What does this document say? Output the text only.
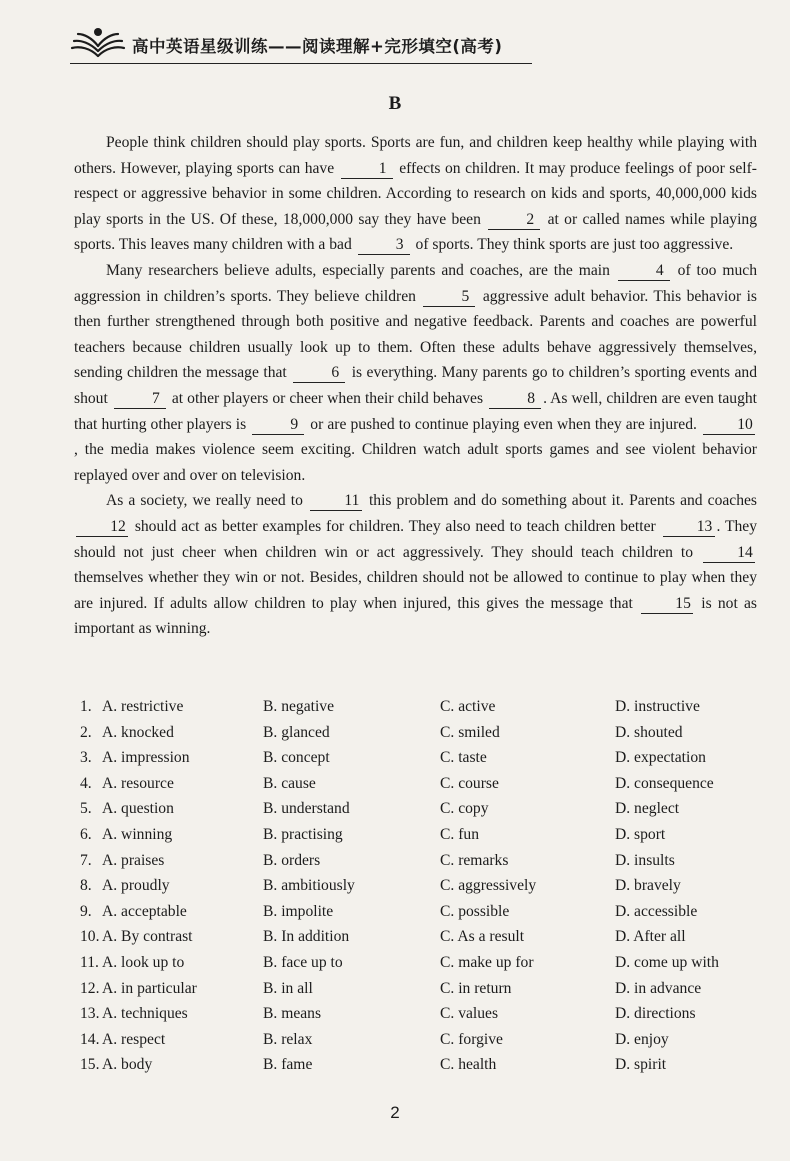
高中英语星级训练——阅读理解+完形填空(高考)
B

People think children should play sports. Sports are fun, and children keep healthy while playing with others. However, playing sports can have	1 effects on children. It may produce feelings of poor self-respect or aggressive behavior in some children. According to research on kids and sports, 40,000,000 kids play sports in the US. Of these, 18,000,000 say they have been	2 at or called names while playing sports. This leaves many children with a bad	3 of sports. They think sports are just too aggressive.

Many researchers believe adults, especially parents and coaches, are the main	4 of too much aggression in children’s sports. They believe children	5 aggressive adult behavior. This behavior is then further strengthened through both positive and negative feedback. Parents and coaches are powerful teachers because children usually look up to them. Often these adults behave aggressively themselves, sending children the message that	6 is everything. Many parents go to children’s sporting events and shout	7 at other players or cheer when their child behaves	8 . As well, children are even taught that hurting other players is	9 or are pushed to continue playing even when they are injured. 10, the media makes violence seem exciting. Children watch adult sports games and see violent behavior replayed over and over on television.

As a society, we really need to 11 this problem and do something about it. Parents and coaches 12 should act as better examples for children. They also need to teach children better 13 . They should not just cheer when children win or act aggressively. They should teach children to 14 themselves whether they win or not. Besides, children should not be allowed to continue to play when they are injured. If adults allow children to play when injured, this gives the message that 15 is not as important as winning.

1. A. restrictive	B. negative	C. active	D. instructive
2. A. knocked	B. glanced	C. smiled	D. shouted
3. A. impression	B. concept	C. taste	D. expectation
4. A. resource	B. cause	C. course	D. consequence
5. A. question	B. understand	C. copy	D. neglect
6. A. winning	B. practising	C. fun	D. sport
7. A. praises	B. orders	C. remarks	D. insults
8. A. proudly	B. ambitiously	C. aggressively	D. bravely
9. A. acceptable	B. impolite	C. possible	D. accessible
10. A. By contrast	B. In addition	C. As a result	D. After all
11. A. look up to	B. face up to	C. make up for	D. come up with
12. A. in particular	B. in all	C. in return	D. in advance
13. A. techniques	B. means	C. values	D. directions
14. A. respect	B. relax	C. forgive	D. enjoy
15. A. body	B. fame	C. health	D. spirit
2
